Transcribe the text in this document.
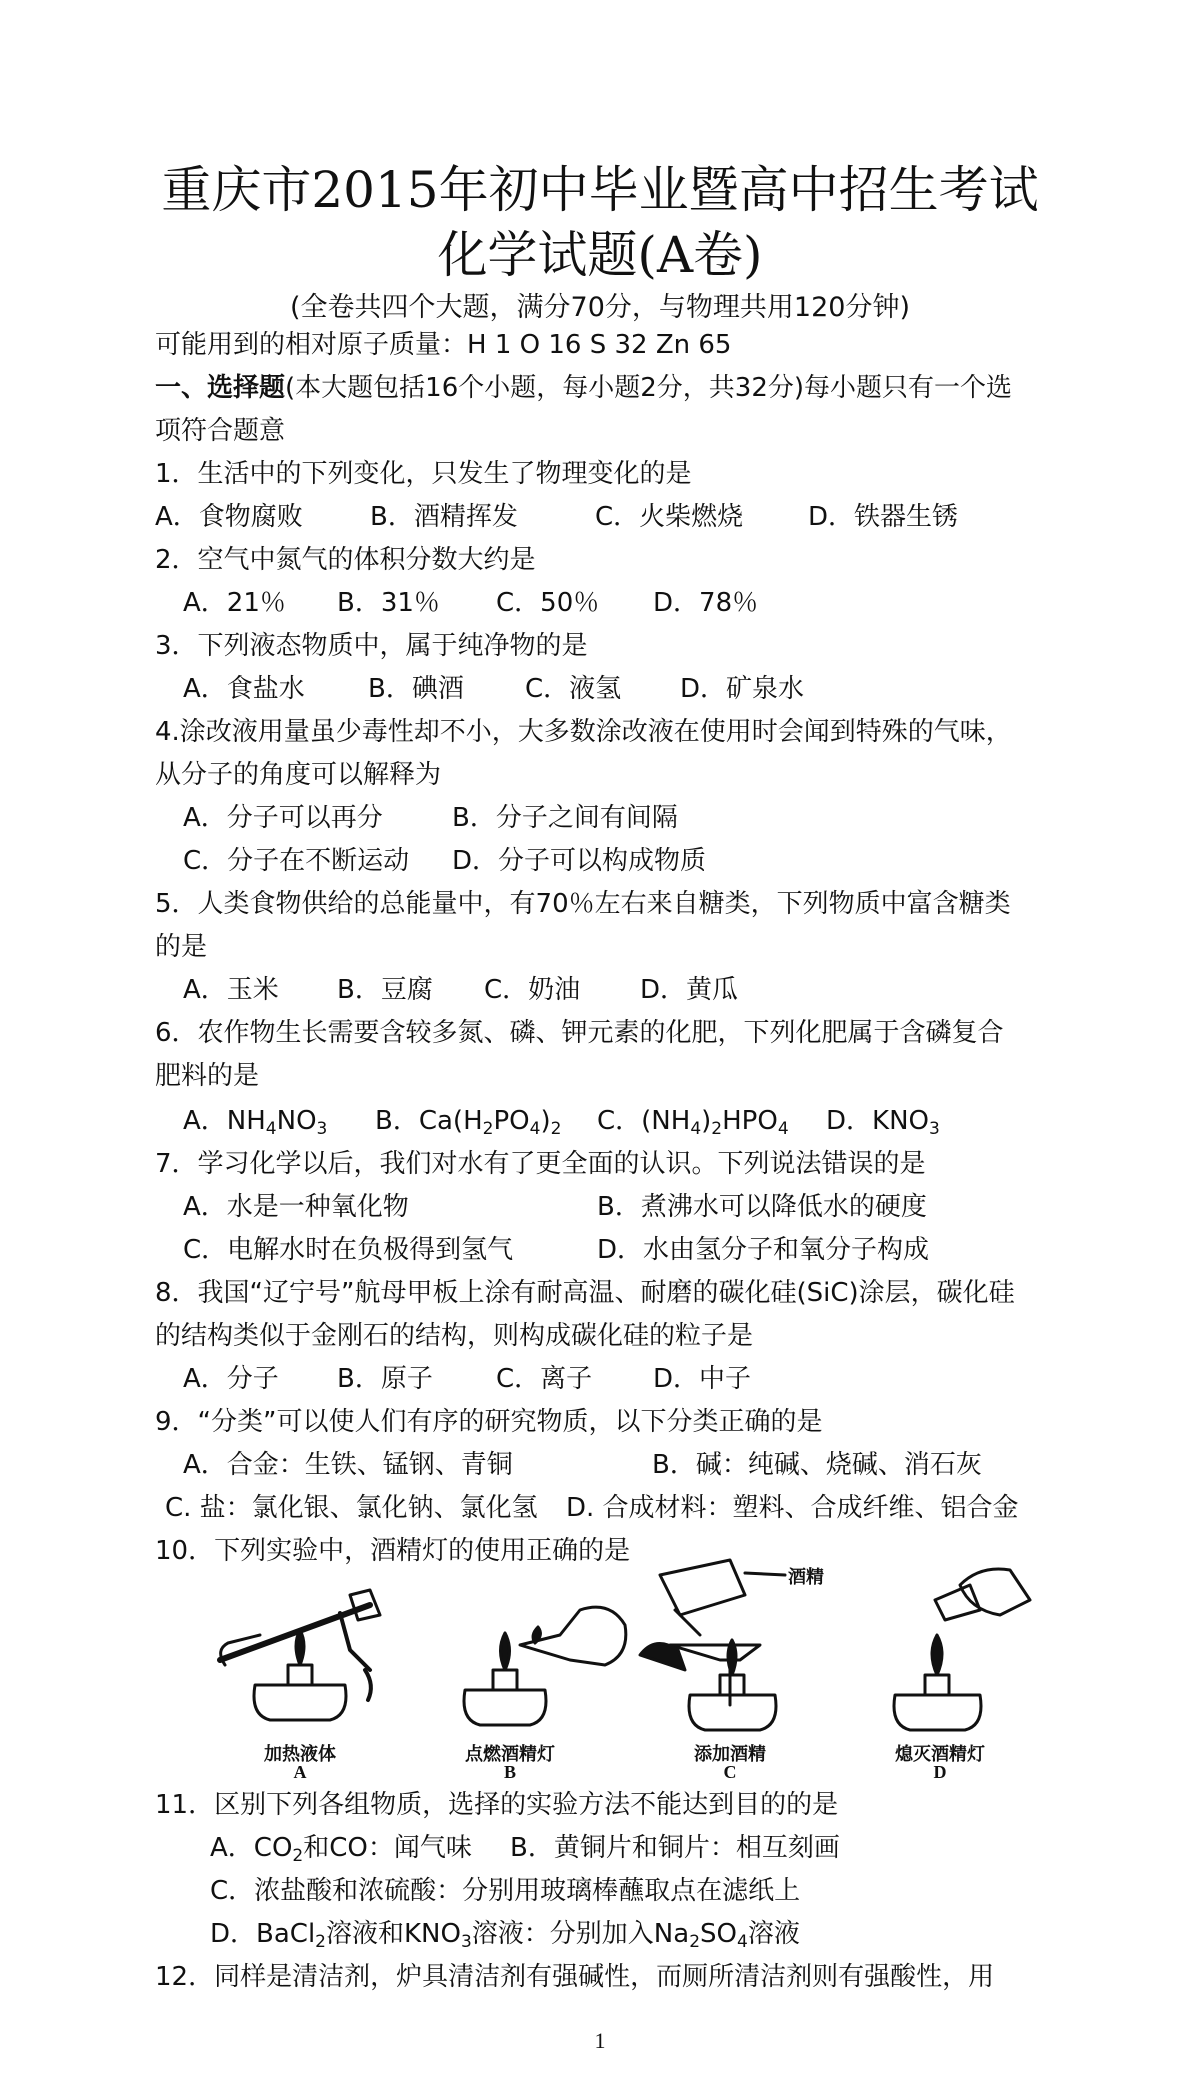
重庆市2015年初中毕业暨高中招生考试
化学试题(A卷)
(全卷共四个大题，满分70分，与物理共用120分钟)
可能用到的相对原子质量：H 1 O 16 S 32 Zn 65
一、选择题(本大题包括16个小题，每小题2分，共32分)每小题只有一个选
项符合题意
1．生活中的下列变化，只发生了物理变化的是
A．食物腐败	B．酒精挥发	C．火柴燃烧 D．铁器生锈
2．空气中氮气的体积分数大约是
A．21％ B．31％ C．50％ D．78％
3．下列液态物质中，属于纯净物的是
A．食盐水 B．碘酒 C．液氢 D．矿泉水
4.涂改液用量虽少毒性却不小，大多数涂改液在使用时会闻到特殊的气味，
从分子的角度可以解释为
A．分子可以再分	B．分子之间有间隔
C．分子在不断运动 D．分子可以构成物质
5．人类食物供给的总能量中，有70％左右来自糖类，下列物质中富含糖类
的是
A．玉米 B．豆腐 C．奶油 D．黄瓜
6．农作物生长需要含较多氮、磷、钾元素的化肥，下列化肥属于含磷复合
肥料的是
A．$NH_4NO_3$ B．$Ca(H_2PO_4)_2$ C．$(NH_4)_2HPO_4$ D．$KNO_3$
7．学习化学以后，我们对水有了更全面的认识。下列说法错误的是
A．水是一种氧化物	B．煮沸水可以降低水的硬度
C．电解水时在负极得到氢气	D．水由氢分子和氧分子构成
8．我国“辽宁号”航母甲板上涂有耐高温、耐磨的碳化硅(SiC)涂层，碳化硅
的结构类似于金刚石的结构，则构成碳化硅的粒子是
A．分子 B．原子 C．离子 D．中子
9．“分类”可以使人们有序的研究物质，以下分类正确的是
A．合金：生铁、锰钢、青铜	B．碱：纯碱、烧碱、消石灰
C. 盐：氯化银、氯化钠、氯化氢 D. 合成材料：塑料、合成纤维、铝合金
10．下列实验中，酒精灯的使用正确的是
酒精
加热液体	点燃酒精灯	添加酒精	熄灭酒精灯
A	B	C	D
11．区别下列各组物质，选择的实验方法不能达到目的的是
A．$CO_2$和CO：闻气味 B．黄铜片和铜片：相互刻画
C．浓盐酸和浓硫酸：分别用玻璃棒蘸取点在滤纸上
D．BaCl$_2$溶液和$KNO_3$溶液：分别加入$Na_2SO_4$溶液
12．同样是清洁剂，炉具清洁剂有强碱性，而厕所清洁剂则有强酸性，用
1
